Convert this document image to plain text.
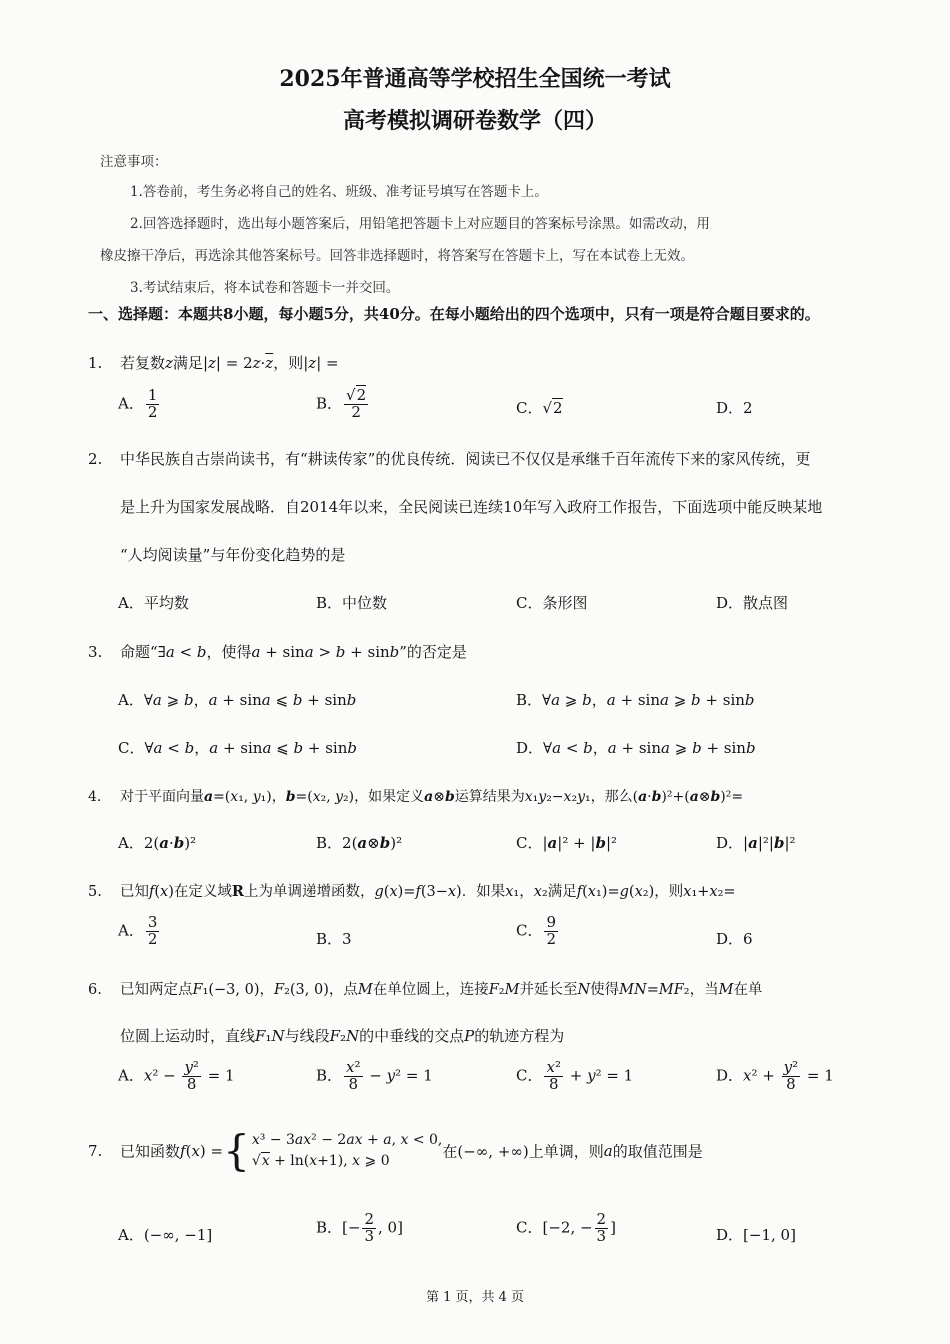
2025年普通高等学校招生全国统一考试
高考模拟调研卷数学（四）
注意事项：
1.答卷前，考生务必将自己的姓名、班级、准考证号填写在答题卡上。
2.回答选择题时，选出每小题答案后，用铅笔把答题卡上对应题目的答案标号涂黑。如需改动，用
橡皮擦干净后，再选涂其他答案标号。回答非选择题时，将答案写在答题卡上，写在本试卷上无效。
3.考试结束后，将本试卷和答题卡一并交回。
一、选择题：本题共8小题，每小题5分，共40分。在每小题给出的四个选项中，只有一项是符合题目要求的。
1. 若复数z满足$|z| = 2z\cdot\overline{z}$，则|z| =
A． $\frac{1}{2}$	B． $\frac{√2}{2}$	C．√2	D．2
2. 中华民族自古崇尚读书，有“耕读传家”的优良传统．阅读已不仅仅是承继千百年流传下来的家风传统，更
是上升为国家发展战略．自2014年以来，全民阅读已连续10年写入政府工作报告，下面选项中能反映某地
“人均阅读量”与年份变化趋势的是
A．平均数	B．中位数	C．条形图	D．散点图
3. 命题“∃a < b，使得a + sina > b + sinb”的否定是
A．∀a ⩾ b，a + sina ⩽ b + sinb	B．∀a ⩾ b，a + sina ⩾ b + sinb
C．∀a < b，a + sina ⩽ b + sinb	D．∀a < b，a + sina ⩾ b + sinb
4. 对于平面向量a=(x₁, y₁)，b=(x₂, y₂)，如果定义a⊗b运算结果为x₁y₂−x₂y₁，那么(a·b)²+(a⊗b)²=
A．2(a·b)²	B．2(a⊗b)²	C．|a|² + |b|²	D．|a|²|b|²
5. 已知f(x)在定义域R上为单调递增函数，g(x)=f(3−x)．如果x₁，x₂满足f(x₁)=g(x₂)，则x₁+x₂=
A． $\frac{3}{2}$	B．3	C． $\frac{9}{2}$	D．6
6. 已知两定点F₁(−3, 0)，F₂(3, 0)，点M在单位圆上，连接F₂M并延长至N使得MN=MF₂，当M在单
位圆上运动时，直线F₁N与线段F₂N的中垂线的交点P的轨迹方程为
A．$x^2 - \frac{\text{y²}}{8} = 1$	B． $\frac{\text{x²}}{8} - y^2 = 1$	C． $\frac{\text{x²}}{8} + y^2 = 1$	D．$x^2 + \frac{\text{y²}}{8} = 1$
7. 已知函数f(x) = { x³ − 3ax² − 2ax + a, x < 0,
√x + ln(x+1), x ⩾ 0
在(−∞, +∞)上单调，则a的取值范围是
A．(−∞, −1]	B．[− $\frac{2}{3}$ , 0]	C．[−2, − $\frac{2}{3}$ ]	D．[−1, 0]
第 1 页，共 4 页
